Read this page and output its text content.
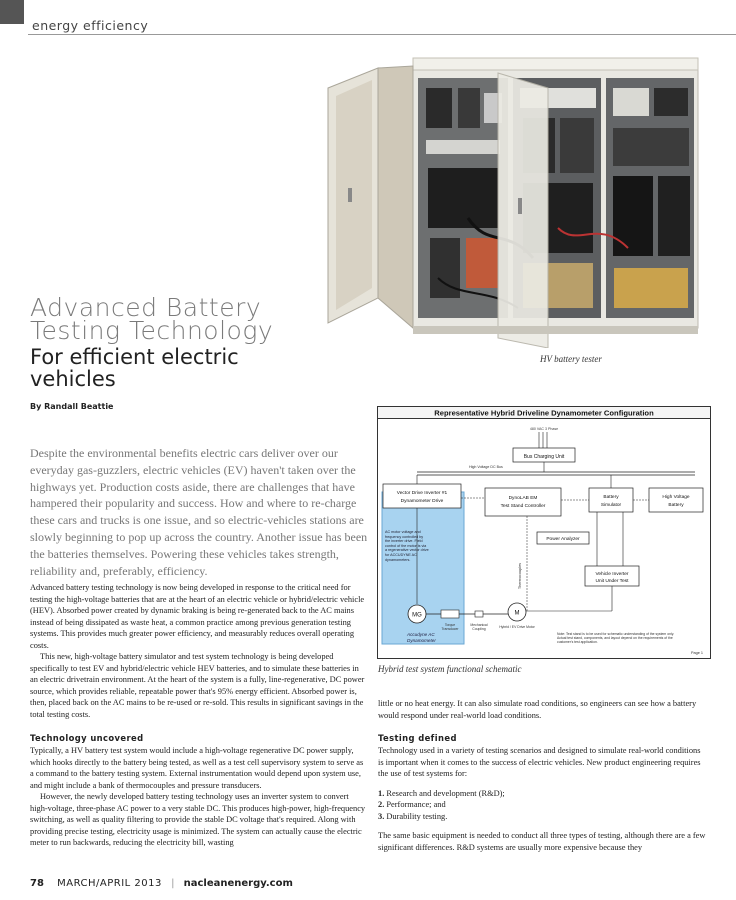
energy efficiency
HV battery tester
Advanced Battery
Testing Technology
For efficient electric
vehicles
By Randall Beattie
Despite the environmental benefits electric cars deliver over our everyday gas-guzzlers, electric vehicles (EV) haven't taken over the highways yet. Production costs aside, there are challenges that have hampered their popularity and success. How and where to re-charge these cars and trucks is one issue, and so electric-vehicles stations are slowly beginning to pop up across the country. Another issue has been the batteries themselves. Powering these vehicles takes strength, reliability and, preferably, efficiency.

Advanced battery testing technology is now being developed in response to the critical need for testing the high-voltage batteries that are at the heart of an electric vehicle or hybrid/electric vehicle (HEV). Absorbed power created by dynamic braking is being re-generated back to the AC mains instead of being dissipated as waste heat, a common practice among previous generation testing systems. This provides much greater power efficiency, and measurably reduces overall operating costs.

This new, high-voltage battery simulator and test system technology is being developed specifically to test EV and hybrid/electric vehicle HEV batteries, and to simulate these batteries in an electric drivetrain environment. At the heart of the system is a fully, line-regenerative, DC power source, which provides reliable, repeatable power that's 95% energy efficient. Absorbed power is, then, placed back on the AC mains to be re-used or re-sold. This results in significant savings in the total testing costs.

Technology uncovered

Typically, a HV battery test system would include a high-voltage regenerative DC power supply, which hooks directly to the battery being tested, as well as a test cell supervisory system to serve as a command to the battery testing system. External instrumentation would depend upon system use, and might include a bank of thermocouples and pressure transducers.

However, the newly developed battery testing technology uses an inverter system to convert high-voltage, three-phase AC power to a very stable DC. This produces high-power, high-frequency switching, as well as quality filtering to provide the stable DC voltage that's required. Along with providing precise testing, electricity usage is minimized. The system can actually cause the electric meter to run backwards, reducing the electricity bill, wasting

Representative Hybrid Driveline Dynamometer Configuration
480 VAC 3 Phase
Bus Charging Unit
High Voltage DC Bus
Vector Drive Inverter #1
Dynamometer Drive
DynoLAB EM
Test Stand Controller
Battery
Simulator
High Voltage
Battery
Power Analyzer
Thermocouples	Vehicle Inverter
Unit Under Test
AC motor voltage and frequency controlled by the inverter drive. Field control of the motor is via a regenerative vector drive for ACCUDYNE AC dynamometers.
MG
Torque
Transducer
Mechanical
Coupling
M
Hybrid / EV Drive Motor
Accudyne AC
Dynamometer
Note: Test stand is to be used for schematic understanding of the system only. Actual test stand, components, and layout depend on the requirements of the customer's test application.
Page 1
Hybrid test system functional schematic

little or no heat energy. It can also simulate road conditions, so engineers can see how a battery would respond under real-world load conditions.

Testing defined

Technology used in a variety of testing scenarios and designed to simulate real-world conditions is important when it comes to the success of electric vehicles. New product engineering requires the use of test systems for:

1. Research and development (R&D);
2. Performance; and
3. Durability testing.

The same basic equipment is needed to conduct all three types of testing, although there are a few significant differences. R&D systems are usually more expensive because they

78 MARCH/APRIL 2013 | nacleanenergy.com
